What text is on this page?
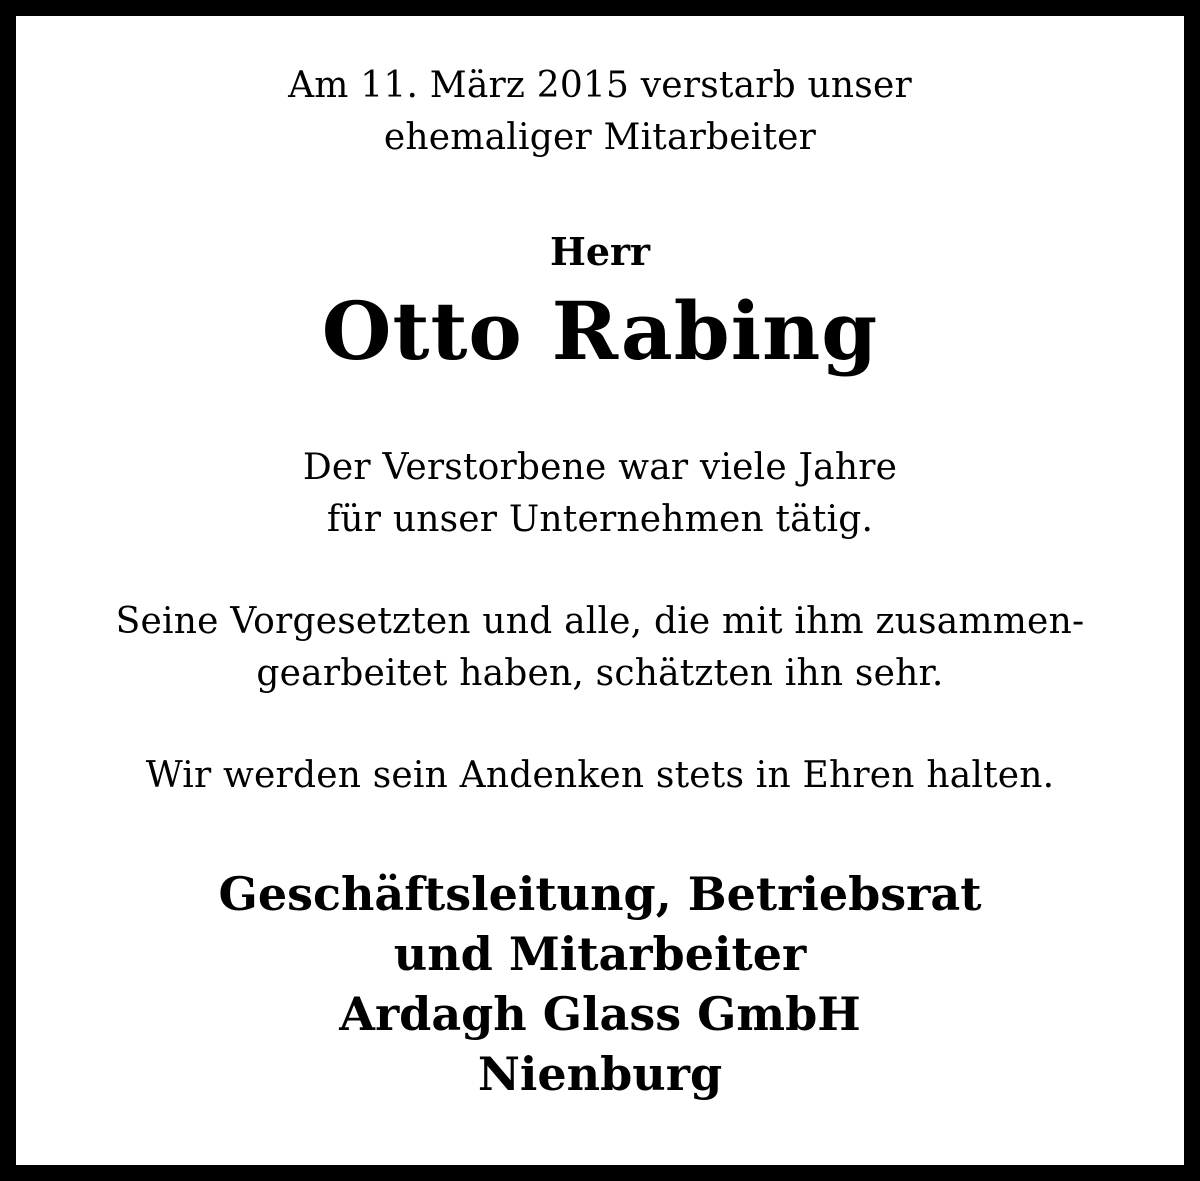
Am 11. März 2015 verstarb unser
ehemaliger Mitarbeiter
Herr
Otto Rabing
Der Verstorbene war viele Jahre
für unser Unternehmen tätig.
Seine Vorgesetzten und alle, die mit ihm zusammen-
gearbeitet haben, schätzten ihn sehr.
Wir werden sein Andenken stets in Ehren halten.
Geschäftsleitung, Betriebsrat
und Mitarbeiter
Ardagh Glass GmbH
Nienburg
